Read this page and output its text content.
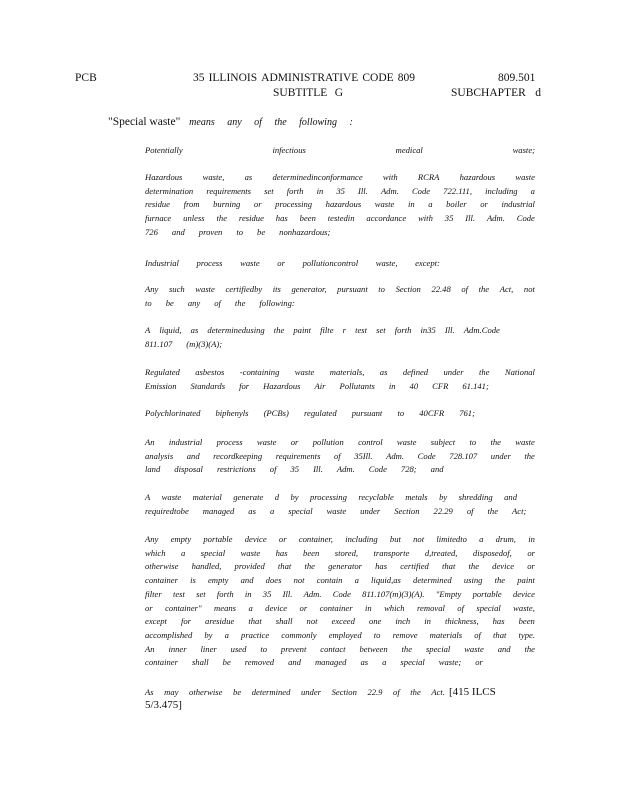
PCB	35 ILLINOIS ADMINISTRATIVE CODE 809	809.501
SUBTITLE G	SUBCHAPTER d
"Special waste" means any of the following :
Potentially	infectious	medical	waste;
Hazardous waste, as determinedinconformance with RCRA hazardous waste
determination requirements set forth in 35 Ill. Adm. Code 722.111, including a
residue from burning or processing hazardous waste in a boiler or industrial
furnace unless the residue has been testedin accordance with 35 Ill. Adm. Code
726 and proven to be nonhazardous;
Industrial process waste or pollutioncontrol waste, except:
Any such waste certifiedby its generator, pursuant to Section 22.48 of the Act, not
to be any of the following:
A liquid, as determinedusing the paint filte r test set forth in35 Ill. Adm.Code
811.107 (m)(3)(A);
Regulated asbestos -containing waste materials, as defined under the National
Emission Standards for Hazardous Air Pollutants in 40 CFR 61.141;
Polychlorinated biphenyls (PCBs) regulated pursuant to 40CFR 761;
An industrial process waste or pollution control waste subject to the waste
analysis and recordkeeping requirements of 35Ill. Adm. Code 728.107 under the
land disposal restrictions of 35 Ill. Adm. Code 728; and
A waste material generate d by processing recyclable metals by shredding and
requiredtobe managed as a special waste under Section 22.29 of the Act;
Any empty portable device or container, including but not limitedto a drum, in
which a special waste has been stored, transporte d,treated, disposedof, or
otherwise handled, provided that the generator has certified that the device or
container is empty and does not contain a liquid,as determined using the paint
filter test set forth in 35 Ill. Adm. Code 811.107(m)(3)(A). "Empty portable device
or container" means a device or container in which removal of special waste,
except for aresidue that shall not exceed one inch in thickness, has been
accomplished by a practice commonly employed to remove materials of that type.
An inner liner used to prevent contact between the special waste and the
container shall be removed and managed as a special waste; or
As may otherwise be determined under Section 22.9 of the Act. [415 ILCS
5/3.475]
